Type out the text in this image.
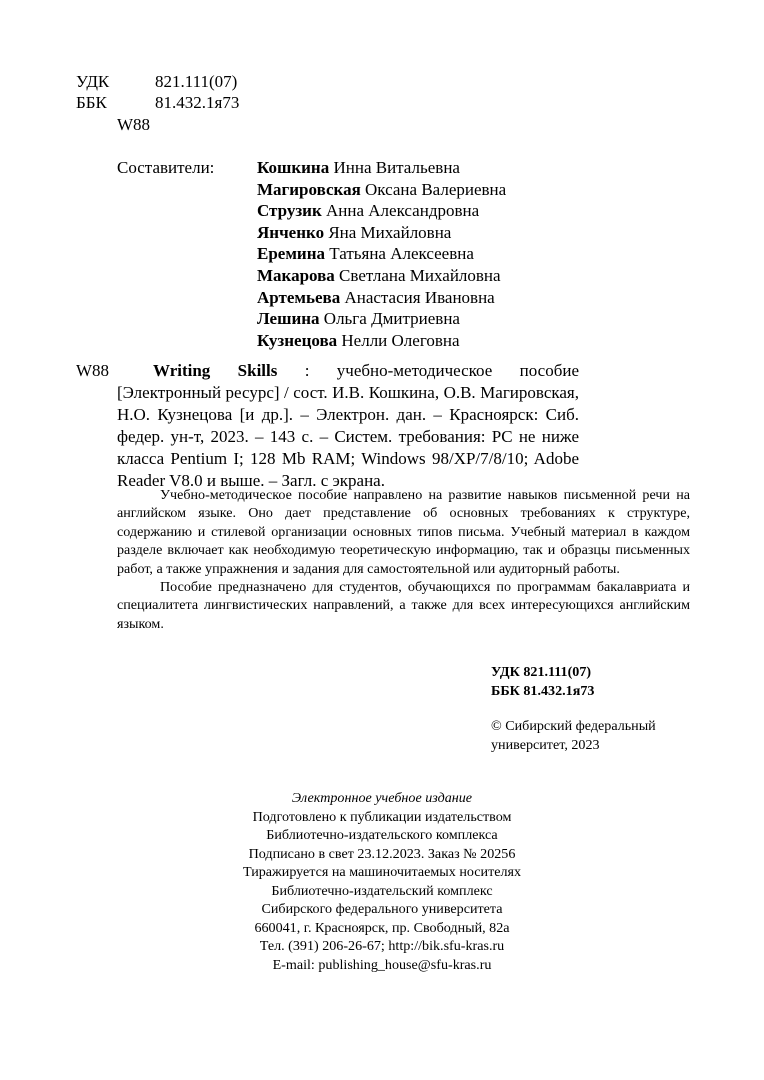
УДК	821.111(07)
ББК	81.432.1я73
W88
Составители:	Кошкина Инна Витальевна
Магировская Оксана Валериевна
Струзик Анна Александровна
Янченко Яна Михайловна
Еремина Татьяна Алексеевна
Макарова Светлана Михайловна
Артемьева Анастасия Ивановна
Лешина Ольга Дмитриевна
Кузнецова Нелли Олеговна
W88	Writing Skills : учебно-методическое пособие [Электронный ресурс] / сост. И.В. Кошкина, О.В. Магировская, Н.О. Кузнецова [и др.]. – Электрон. дан. – Красноярск: Сиб. федер. ун-т, 2023. – 143 с. – Систем. требования: PC не ниже класса Pentium I; 128 Mb RAM; Windows 98/XP/7/8/10; Adobe Reader V8.0 и выше. – Загл. с экрана.

Учебно-методическое пособие направлено на развитие навыков письменной речи на английском языке. Оно дает представление об основных требованиях к структуре, содержанию и стилевой организации основных типов письма. Учебный материал в каждом разделе включает как необходимую теоретическую информацию, так и образцы письменных работ, а также упражнения и задания для самостоятельной или аудиторный работы.

Пособие предназначено для студентов, обучающихся по программам бакалавриата и специалитета лингвистических направлений, а также для всех интересующихся английским языком.

УДК 821.111(07)
ББК 81.432.1я73
© Сибирский федеральный
университет, 2023
Электронное учебное издание
Подготовлено к публикации издательством
Библиотечно-издательского комплекса
Подписано в свет 23.12.2023. Заказ № 20256
Тиражируется на машиночитаемых носителях
Библиотечно-издательский комплекс
Сибирского федерального университета
660041, г. Красноярск, пр. Свободный, 82а
Тел. (391) 206-26-67; http://bik.sfu-kras.ru
E-mail: publishing_house@sfu-kras.ru
